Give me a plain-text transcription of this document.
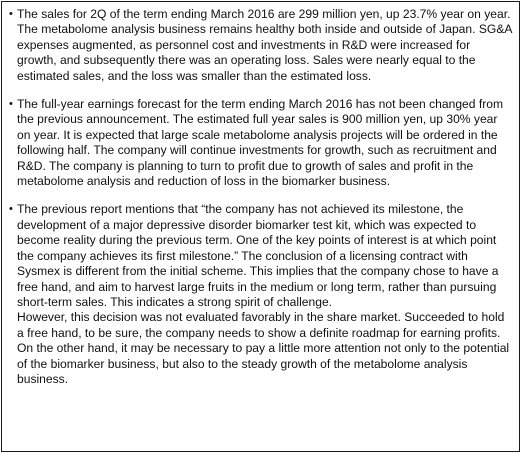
• The sales for 2Q of the term ending March 2016 are 299 million yen, up 23.7% year on year. The metabolome analysis business remains healthy both inside and outside of Japan. SG&A expenses augmented, as personnel cost and investments in R&D were increased for growth, and subsequently there was an operating loss. Sales were nearly equal to the estimated sales, and the loss was smaller than the estimated loss.

• The full-year earnings forecast for the term ending March 2016 has not been changed from the previous announcement. The estimated full year sales is 900 million yen, up 30% year on year. It is expected that large scale metabolome analysis projects will be ordered in the following half. The company will continue investments for growth, such as recruitment and R&D. The company is planning to turn to profit due to growth of sales and profit in the metabolome analysis and reduction of loss in the biomarker business.

• The previous report mentions that “the company has not achieved its milestone, the development of a major depressive disorder biomarker test kit, which was expected to become reality during the previous term. One of the key points of interest is at which point the company achieves its first milestone.” The conclusion of a licensing contract with Sysmex is different from the initial scheme. This implies that the company chose to have a free hand, and aim to harvest large fruits in the medium or long term, rather than pursuing short-term sales. This indicates a strong spirit of challenge.

However, this decision was not evaluated favorably in the share market. Succeeded to hold a free hand, to be sure, the company needs to show a definite roadmap for earning profits. On the other hand, it may be necessary to pay a little more attention not only to the potential of the biomarker business, but also to the steady growth of the metabolome analysis business.
